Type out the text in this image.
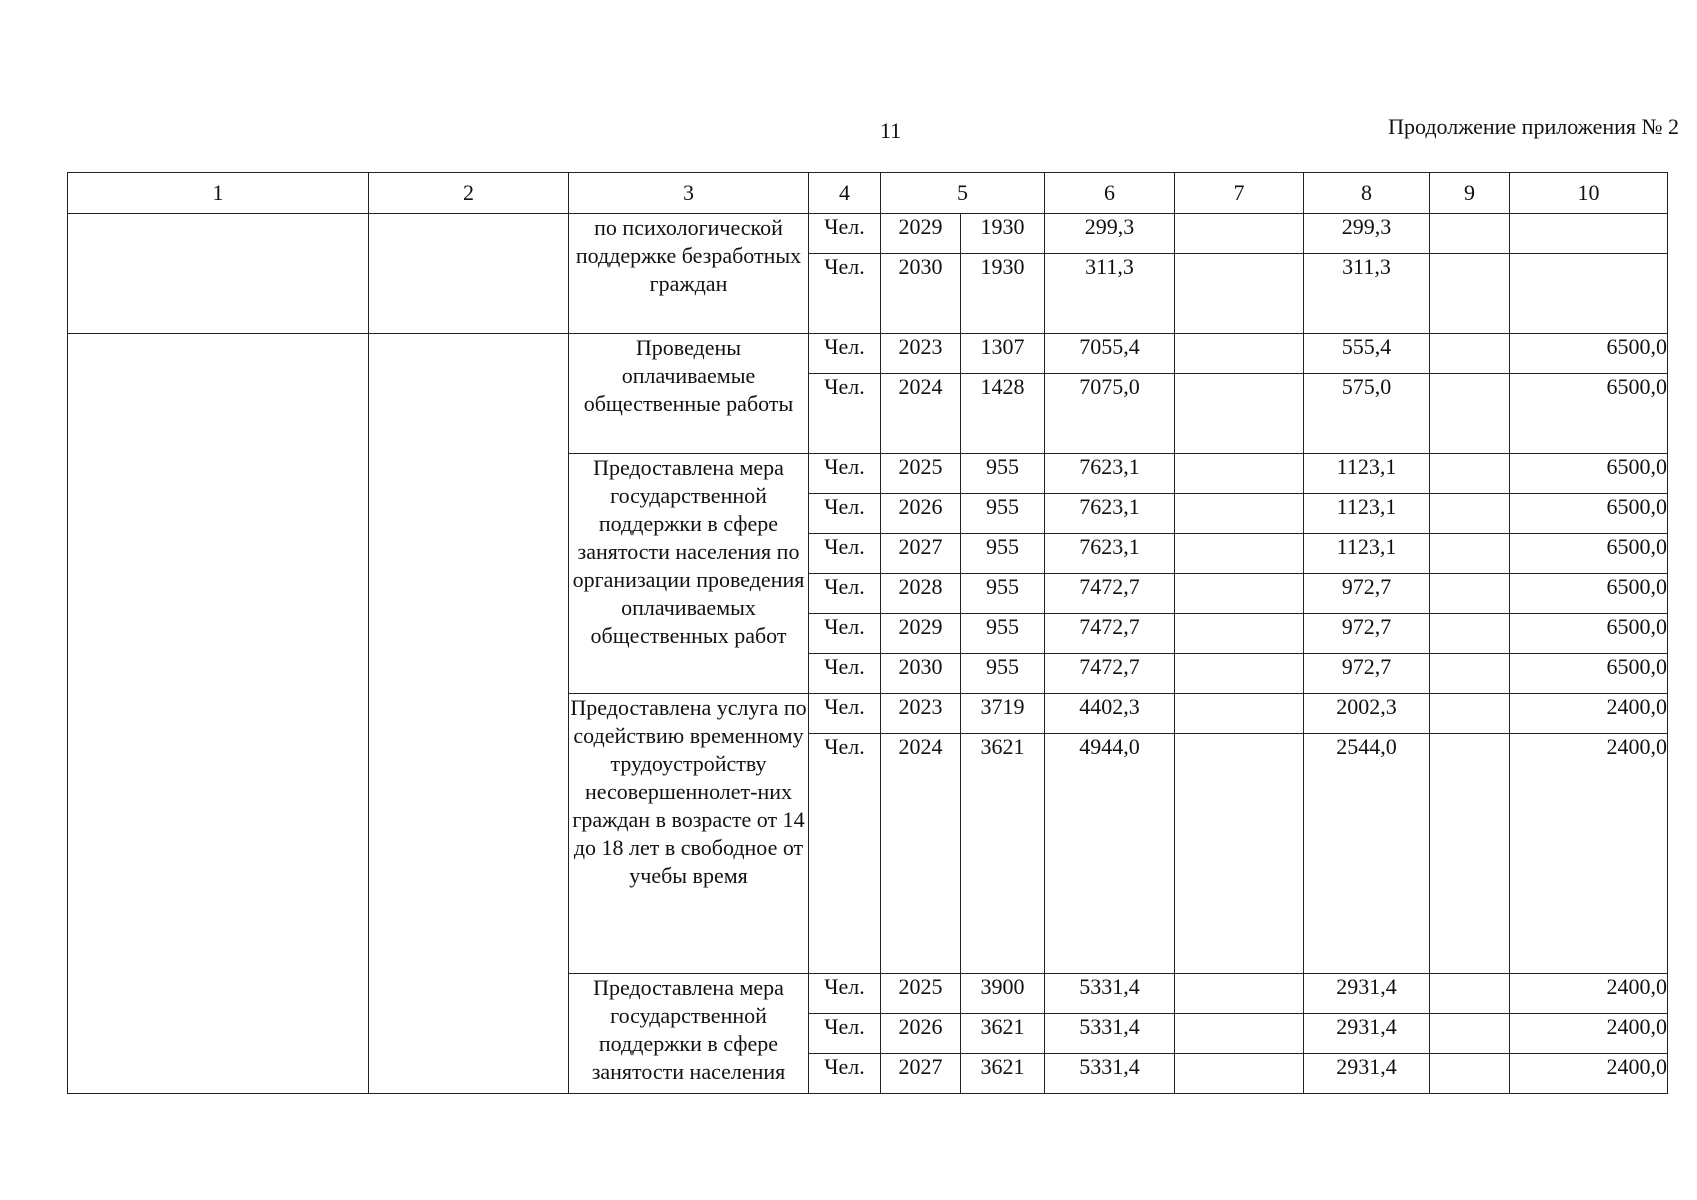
11	Продолжение приложения № 2
1	2	3	4	5		6	7	8	9	10
		по психологической поддержке безработных граждан	Чел.	2029	1930	299,3		299,3		
			Чел.	2030	1930	311,3		311,3		
		Проведены оплачиваемые общественные работы	Чел.	2023	1307	7055,4		555,4		6500,0
			Чел.	2024	1428	7075,0		575,0		6500,0
		Предоставлена мера государственной поддержки в сфере занятости населения по организации проведения оплачиваемых общественных работ	Чел.	2025	955	7623,1		1123,1		6500,0
			Чел.	2026	955	7623,1		1123,1		6500,0
			Чел.	2027	955	7623,1		1123,1		6500,0
			Чел.	2028	955	7472,7		972,7		6500,0
			Чел.	2029	955	7472,7		972,7		6500,0
			Чел.	2030	955	7472,7		972,7		6500,0
		Предоставлена услуга по содействию временному трудоустройству несовершеннолет-них граждан в возрасте от 14 до 18 лет в свободное от учебы время	Чел.	2023	3719	4402,3		2002,3		2400,0
			Чел.	2024	3621	4944,0		2544,0		2400,0
		Предоставлена мера государственной поддержки в сфере занятости населения	Чел.	2025	3900	5331,4		2931,4		2400,0
			Чел.	2026	3621	5331,4		2931,4		2400,0
			Чел.	2027	3621	5331,4		2931,4		2400,0
